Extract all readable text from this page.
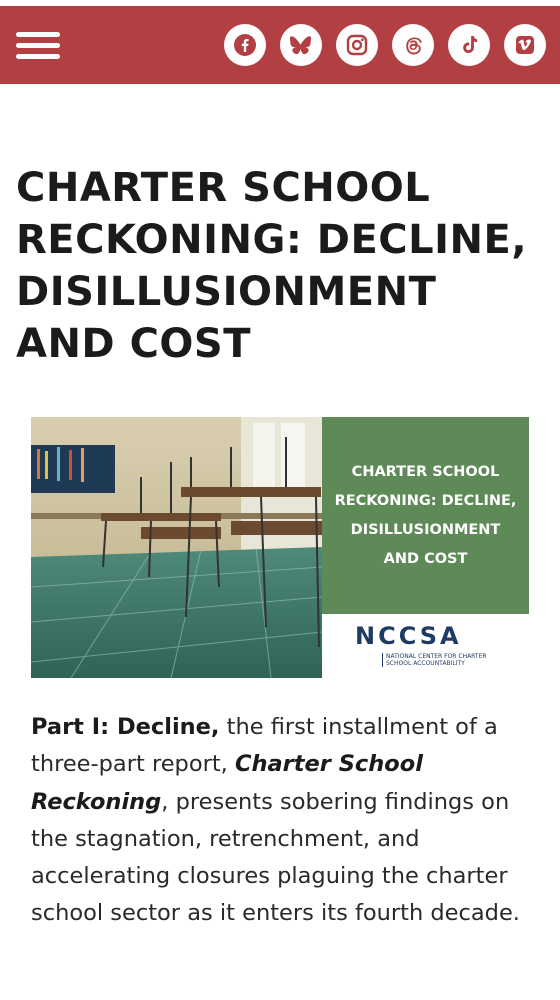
CHARTER SCHOOL RECKONING: DECLINE, DISILLUSIONMENT AND COST
CHARTER SCHOOL RECKONING: DECLINE, DISILLUSIONMENT AND COST
NCCSA
NATIONAL CENTER FOR CHARTER SCHOOL ACCOUNTABILITY

Part I: Decline, the first installment of a three-part report, Charter School Reckoning, presents sobering findings on the stagnation, retrenchment, and accelerating closures plaguing the charter school sector as it enters its fourth decade.
